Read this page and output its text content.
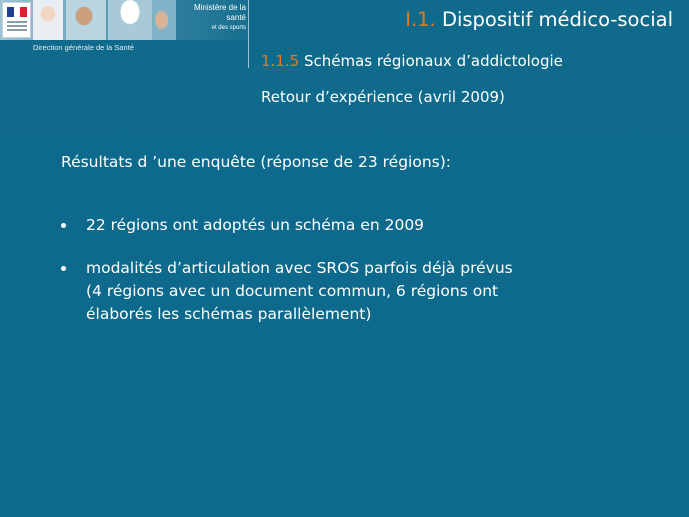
Ministère de la santé
et des sports
Direction générale de la Santé
I.1. Dispositif médico-social
1.1.5 Schémas régionaux d’addictologie
Retour d’expérience (avril 2009)
Résultats d ’une enquête (réponse de 23 régions):
22 régions ont adoptés un schéma en 2009
modalités d’articulation avec SROS parfois déjà prévus
(4 régions avec un document commun, 6 régions ont
élaborés les schémas parallèlement)
